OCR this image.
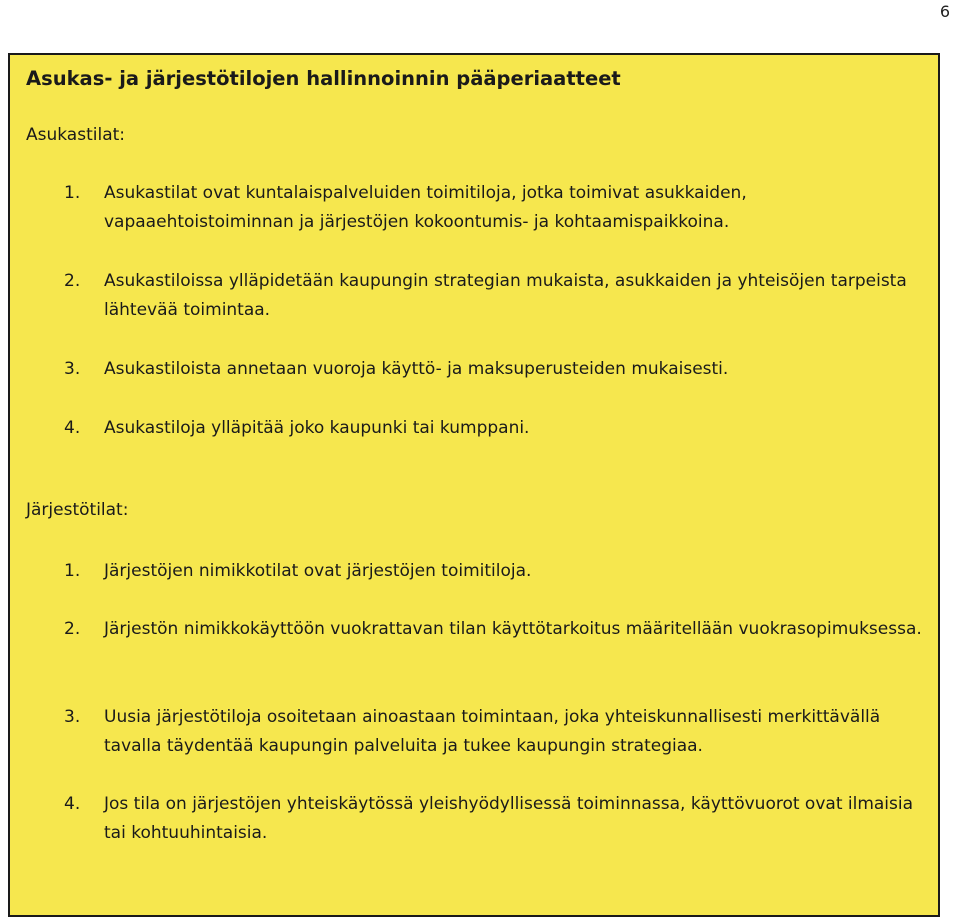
6
Asukas- ja järjestötilojen hallinnoinnin pääperiaatteet
Asukastilat:
1.	Asukastilat ovat kuntalaispalveluiden toimitiloja, jotka toimivat asukkaiden, vapaaehtoistoiminnan ja järjestöjen kokoontumis- ja kohtaamispaikkoina.
2.	Asukastiloissa ylläpidetään kaupungin strategian mukaista, asukkaiden ja yhteisöjen tarpeista lähtevää toimintaa.
3.	Asukastiloista annetaan vuoroja käyttö- ja maksuperusteiden mukaisesti.
4.	Asukastiloja ylläpitää joko kaupunki tai kumppani.
Järjestötilat:
1.	Järjestöjen nimikkotilat ovat järjestöjen toimitiloja.
2.	Järjestön nimikkokäyttöön vuokrattavan tilan käyttötarkoitus määritellään vuokrasopimuksessa.
3.	Uusia järjestötiloja osoitetaan ainoastaan toimintaan, joka yhteiskunnallisesti merkittävällä tavalla täydentää kaupungin palveluita ja tukee kaupungin strategiaa.
4.	Jos tila on järjestöjen yhteiskäytössä yleishyödyllisessä toiminnassa, käyttövuorot ovat ilmaisia tai kohtuuhintaisia.
